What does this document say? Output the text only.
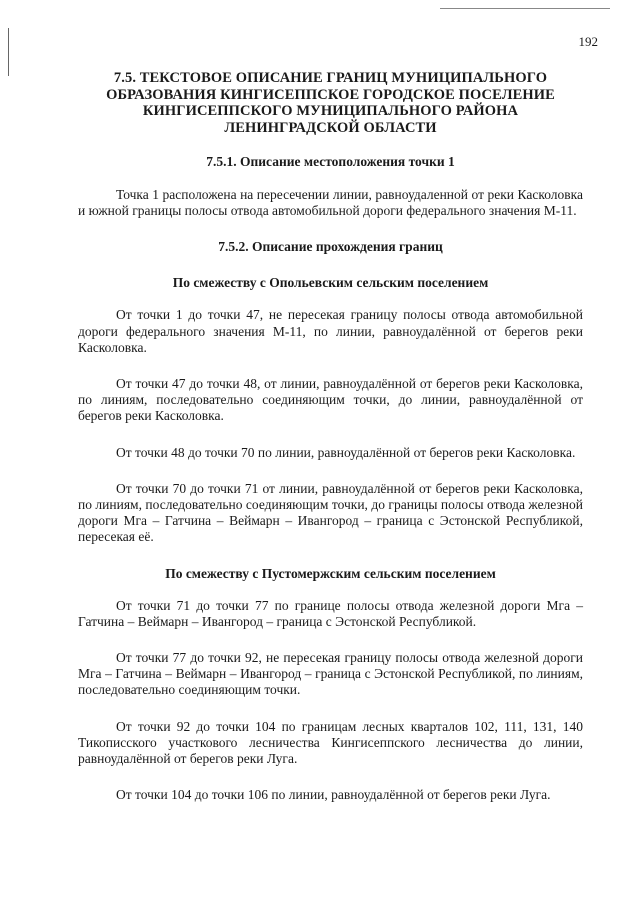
192
7.5. ТЕКСТОВОЕ ОПИСАНИЕ ГРАНИЦ МУНИЦИПАЛЬНОГО ОБРАЗОВАНИЯ КИНГИСЕППСКОЕ ГОРОДСКОЕ ПОСЕЛЕНИЕ КИНГИСЕППСКОГО МУНИЦИПАЛЬНОГО РАЙОНА ЛЕНИНГРАДСКОЙ ОБЛАСТИ
7.5.1. Описание местоположения точки 1

Точка 1 расположена на пересечении линии, равноудаленной от реки Касколовка и южной границы полосы отвода автомобильной дороги федерального значения М-11.

7.5.2. Описание прохождения границ
По смежеству с Опольевским сельским поселением

От точки 1 до точки 47, не пересекая границу полосы отвода автомобильной дороги федерального значения М-11, по линии, равноудалённой от берегов реки Касколовка.

От точки 47 до точки 48, от линии, равноудалённой от берегов реки Касколовка, по линиям, последовательно соединяющим точки, до линии, равноудалённой от берегов реки Касколовка.

От точки 48 до точки 70 по линии, равноудалённой от берегов реки Касколовка.

От точки 70 до точки 71 от линии, равноудалённой от берегов реки Касколовка, по линиям, последовательно соединяющим точки, до границы полосы отвода железной дороги Мга – Гатчина – Веймарн – Ивангород – граница с Эстонской Республикой, пересекая её.

По смежеству с Пустомержским сельским поселением

От точки 71 до точки 77 по границе полосы отвода железной дороги Мга – Гатчина – Веймарн – Ивангород – граница с Эстонской Республикой.

От точки 77 до точки 92, не пересекая границу полосы отвода железной дороги Мга – Гатчина – Веймарн – Ивангород – граница с Эстонской Республикой, по линиям, последовательно соединяющим точки.

От точки 92 до точки 104 по границам лесных кварталов 102, 111, 131, 140 Тикописского участкового лесничества Кингисеппского лесничества до линии, равноудалённой от берегов реки Луга.

От точки 104 до точки 106 по линии, равноудалённой от берегов реки Луга.
